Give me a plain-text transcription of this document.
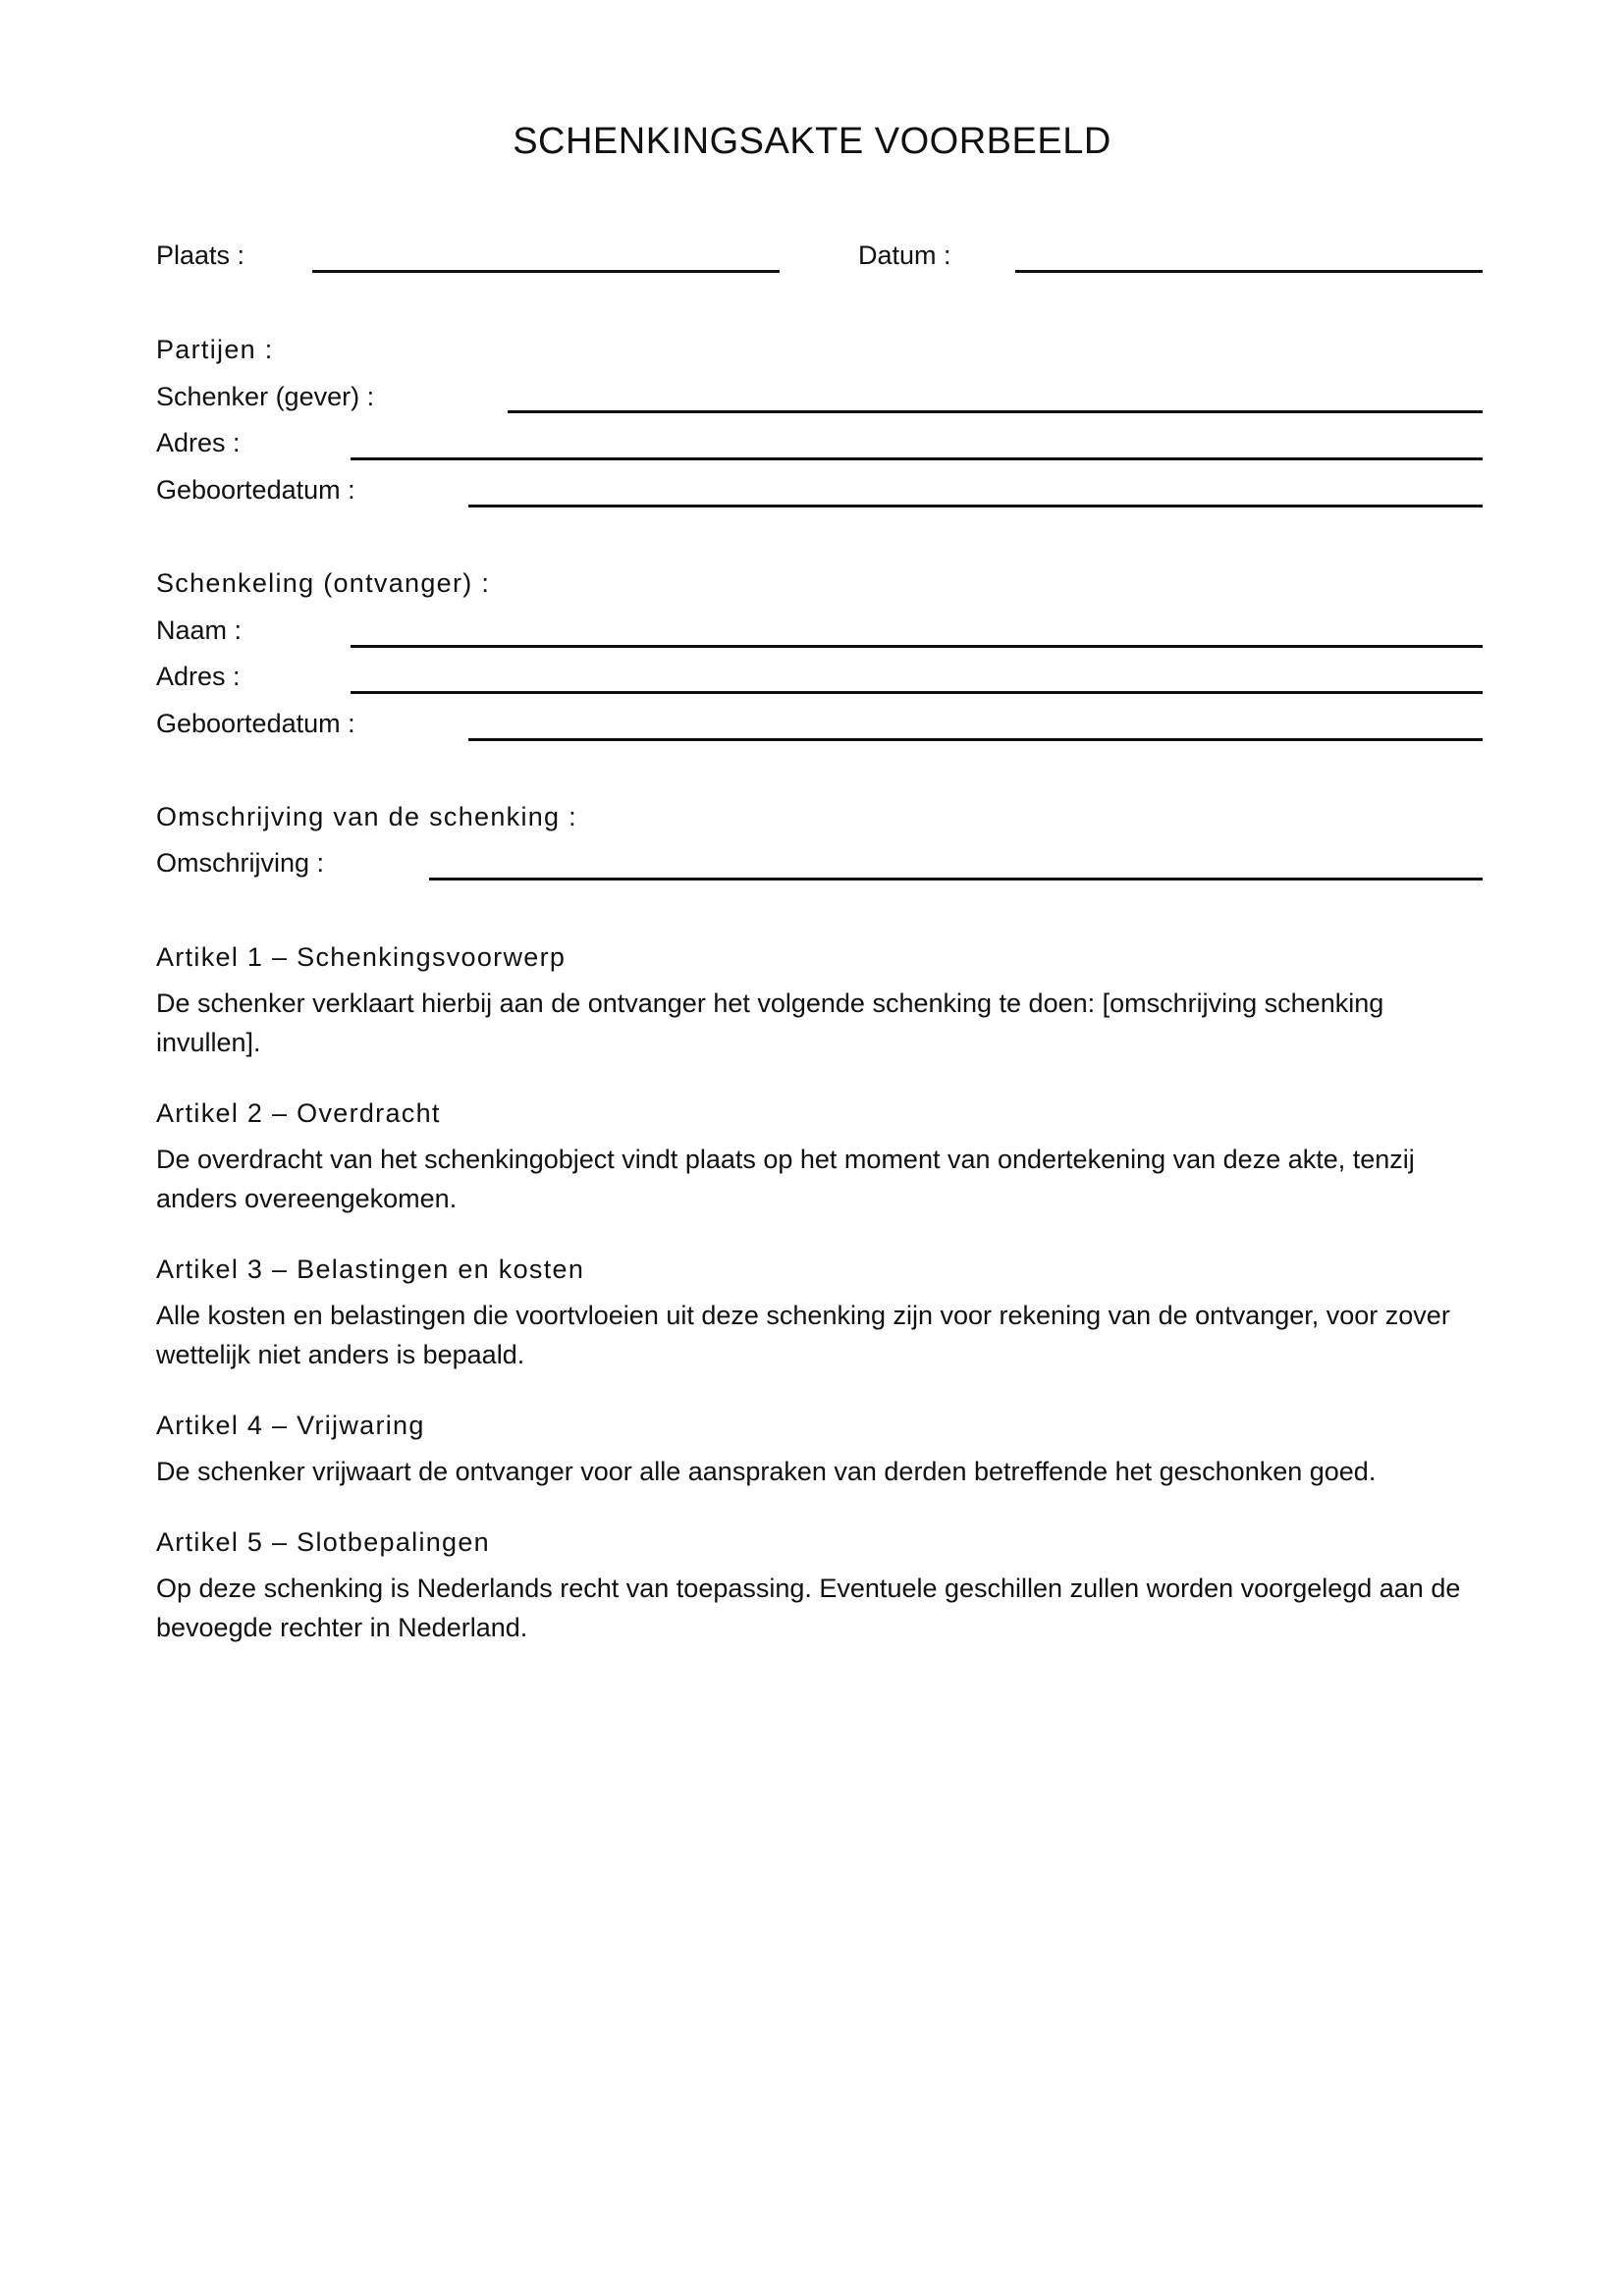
SCHENKINGSAKTE VOORBEELD
Plaats :	Datum :
Partijen :
Schenker (gever) :
Adres :
Geboortedatum :
Schenkeling (ontvanger) :
Naam :
Adres :
Geboortedatum :
Omschrijving van de schenking :
Omschrijving :
Artikel 1 – Schenkingsvoorwerp
De schenker verklaart hierbij aan de ontvanger het volgende schenking te doen: [omschrijving schenking invullen].
Artikel 2 – Overdracht
De overdracht van het schenkingobject vindt plaats op het moment van ondertekening van deze akte, tenzij anders overeengekomen.
Artikel 3 – Belastingen en kosten
Alle kosten en belastingen die voortvloeien uit deze schenking zijn voor rekening van de ontvanger, voor zover wettelijk niet anders is bepaald.
Artikel 4 – Vrijwaring
De schenker vrijwaart de ontvanger voor alle aanspraken van derden betreffende het geschonken goed.
Artikel 5 – Slotbepalingen
Op deze schenking is Nederlands recht van toepassing. Eventuele geschillen zullen worden voorgelegd aan de bevoegde rechter in Nederland.
